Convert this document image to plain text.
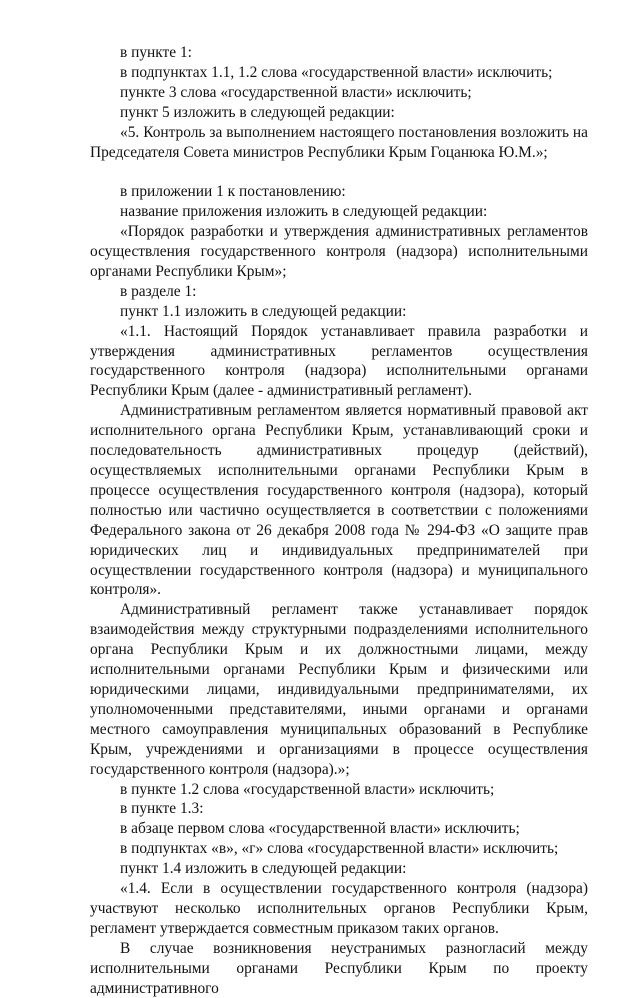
в пункте 1:

в подпунктах 1.1, 1.2 слова «государственной власти» исключить;

пункте 3 слова «государственной власти» исключить;

пункт 5 изложить в следующей редакции:

«5. Контроль за выполнением настоящего постановления возложить на Председателя Совета министров Республики Крым Гоцанюка Ю.М.»;

в приложении 1 к постановлению:

название приложения изложить в следующей редакции:

«Порядок разработки и утверждения административных регламентов осуществления государственного контроля (надзора) исполнительными органами Республики Крым»;

в разделе 1:

пункт 1.1 изложить в следующей редакции:

«1.1. Настоящий Порядок устанавливает правила разработки и утверждения административных регламентов осуществления государственного контроля (надзора) исполнительными органами Республики Крым (далее - административный регламент).

Административным регламентом является нормативный правовой акт исполнительного органа Республики Крым, устанавливающий сроки и последовательность административных процедур (действий), осуществляемых исполнительными органами Республики Крым в процессе осуществления государственного контроля (надзора), который полностью или частично осуществляется в соответствии с положениями Федерального закона от 26 декабря 2008 года № 294-ФЗ «О защите прав юридических лиц и индивидуальных предпринимателей при осуществлении государственного контроля (надзора) и муниципального контроля».

Административный регламент также устанавливает порядок взаимодействия между структурными подразделениями исполнительного органа Республики Крым и их должностными лицами, между исполнительными органами Республики Крым и физическими или юридическими лицами, индивидуальными предпринимателями, их уполномоченными представителями, иными органами и органами местного самоуправления муниципальных образований в Республике Крым, учреждениями и организациями в процессе осуществления государственного контроля (надзора).»;

в пункте 1.2 слова «государственной власти» исключить;

в пункте 1.3:

в абзаце первом слова «государственной власти» исключить;

в подпунктах «в», «г» слова «государственной власти» исключить;

пункт 1.4 изложить в следующей редакции:

«1.4. Если в осуществлении государственного контроля (надзора) участвуют несколько исполнительных органов Республики Крым, регламент утверждается совместным приказом таких органов.

В случае возникновения неустранимых разногласий между исполнительными органами Республики Крым по проекту административного
